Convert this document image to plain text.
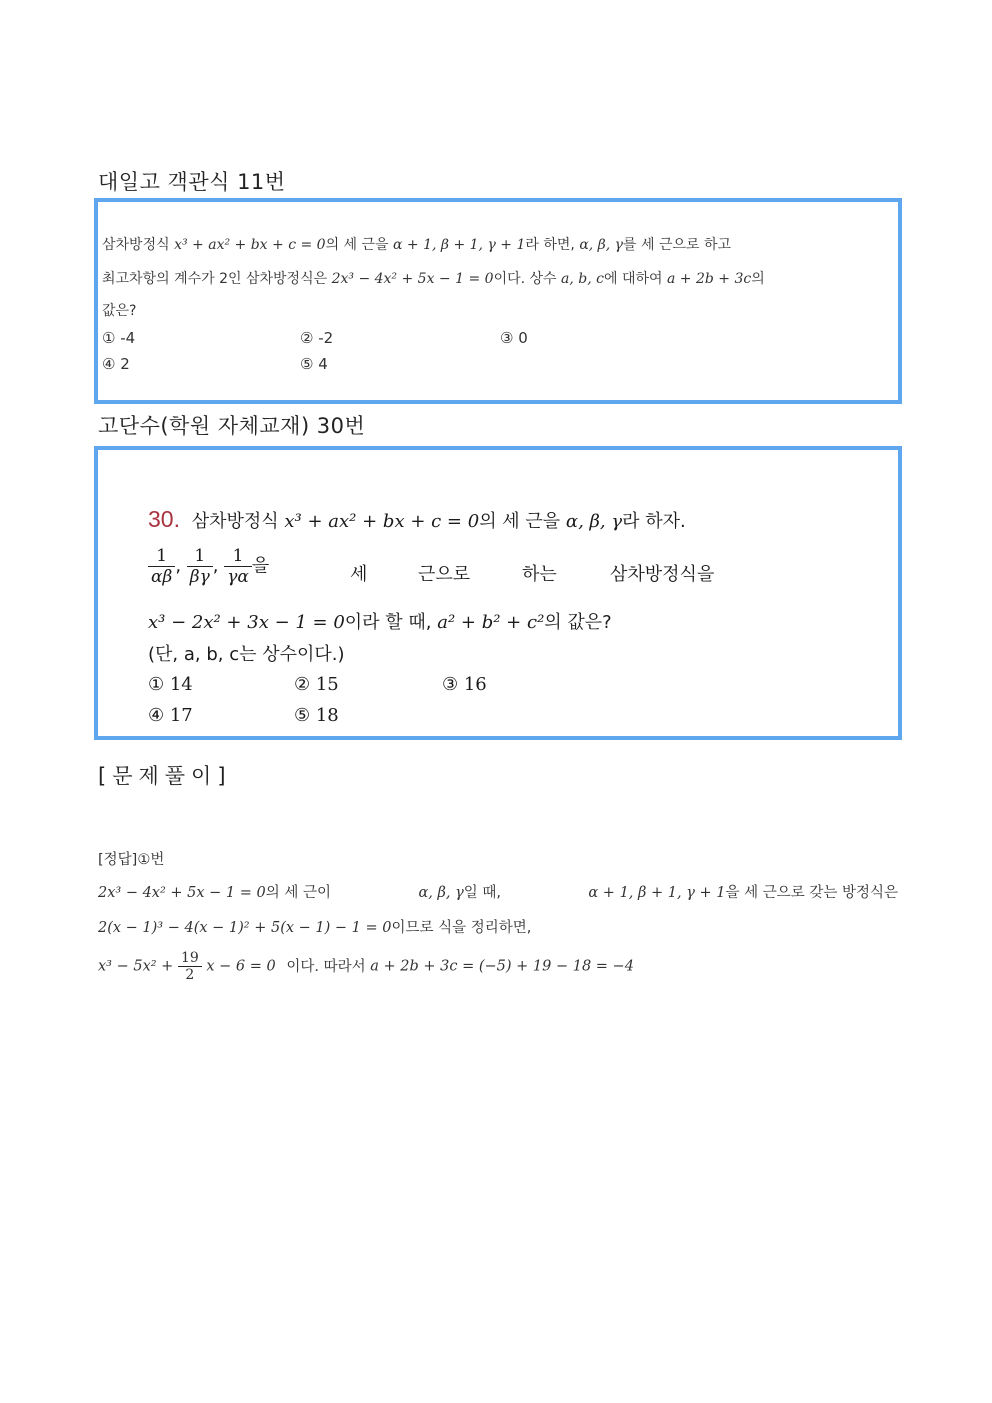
대일고 객관식 11번
삼차방정식 x³ + ax² + bx + c = 0의 세 근을 α + 1, β + 1, γ + 1라 하면, α, β, γ를 세 근으로 하고
최고차항의 계수가 2인 삼차방정식은 2x³ − 4x² + 5x − 1 = 0이다. 상수 a, b, c에 대하여 a + 2b + 3c의
값은?
① -4	② -2	③ 0
④ 2	⑤ 4
고단수(학원 자체교재) 30번
30. 삼차방정식 x³ + ax² + bx + c = 0의 세 근을 α, β, γ라 하자.
$\frac{1}{\alpha\beta}$ , $\frac{1}{\beta\gamma}$ , $\frac{1}{\gamma\alpha}$ 을	세	근으로	하는	삼차방정식을
x³ − 2x² + 3x − 1 = 0이라 할 때, a² + b² + c²의 값은?
(단, a, b, c는 상수이다.)
① 14	② 15	③ 16
④ 17	⑤ 18
[문제풀이]
[정답]①번
2x³ − 4x² + 5x − 1 = 0의 세 근이	α, β, γ일 때,	α + 1, β + 1, γ + 1을 세 근으로 갖는 방정식은
2(x − 1)³ − 4(x − 1)² + 5(x − 1) − 1 = 0이므로 식을 정리하면,
$x^3 - 5x^2 + \frac{19}{2}$ x − 6 = 0 이다. 따라서 a + 2b + 3c = (−5) + 19 − 18 = −4
